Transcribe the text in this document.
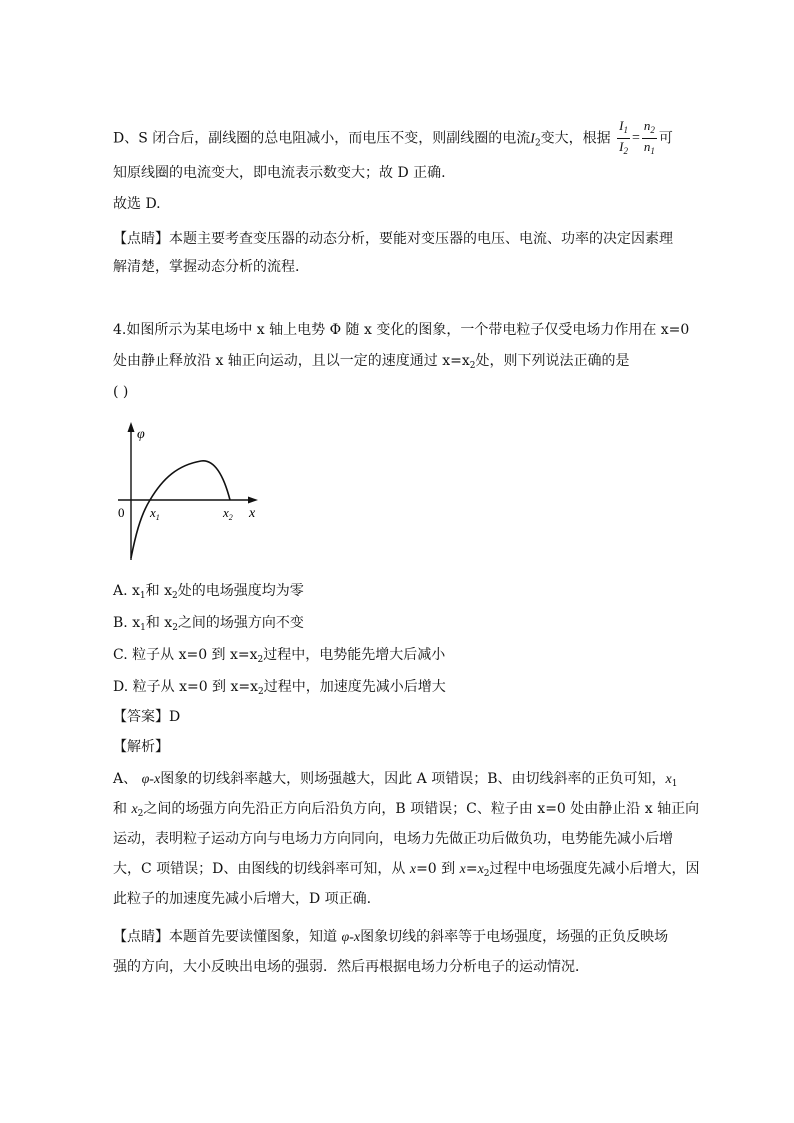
D、S 闭合后，副线圈的总电阻减小，而电压不变，则副线圈的电流$I_2$变大，根据 $\frac{I_1}{I_2} = \frac{n_2}{n_1}$ 可
知原线圈的电流变大，即电流表示数变大；故 D 正确.
故选 D.
【点睛】本题主要考查变压器的动态分析，要能对变压器的电压、电流、功率的决定因素理
解清楚，掌握动态分析的流程.
4.如图所示为某电场中 x 轴上电势 Φ 随 x 变化的图象，一个带电粒子仅受电场力作用在 x=0
处由静止释放沿 x 轴正向运动，且以一定的速度通过 $x=x_2$处，则下列说法正确的是
( )
φ
0 $x_1$	$x_2$ x
A. $x_1$和 $x_2$处的电场强度均为零
B. $x_1$和 $x_2$之间的场强方向不变
C. 粒子从 x=0 到 $x=x_2$过程中，电势能先增大后减小
D. 粒子从 x=0 到 $x=x_2$过程中，加速度先减小后增大
【答案】D
【解析】
A、 φ-x图象的切线斜率越大，则场强越大，因此 A 项错误；B、由切线斜率的正负可知，$x_1$
和 $x_2$之间的场强方向先沿正方向后沿负方向，B 项错误；C、粒子由 x=0 处由静止沿 x 轴正向
运动，表明粒子运动方向与电场力方向同向，电场力先做正功后做负功，电势能先减小后增
大，C 项错误；D、由图线的切线斜率可知，从 x=0 到 $x=x_2$过程中电场强度先减小后增大，因
此粒子的加速度先减小后增大，D 项正确.
【点睛】本题首先要读懂图象，知道 φ-x图象切线的斜率等于电场强度，场强的正负反映场
强的方向，大小反映出电场的强弱．然后再根据电场力分析电子的运动情况．
